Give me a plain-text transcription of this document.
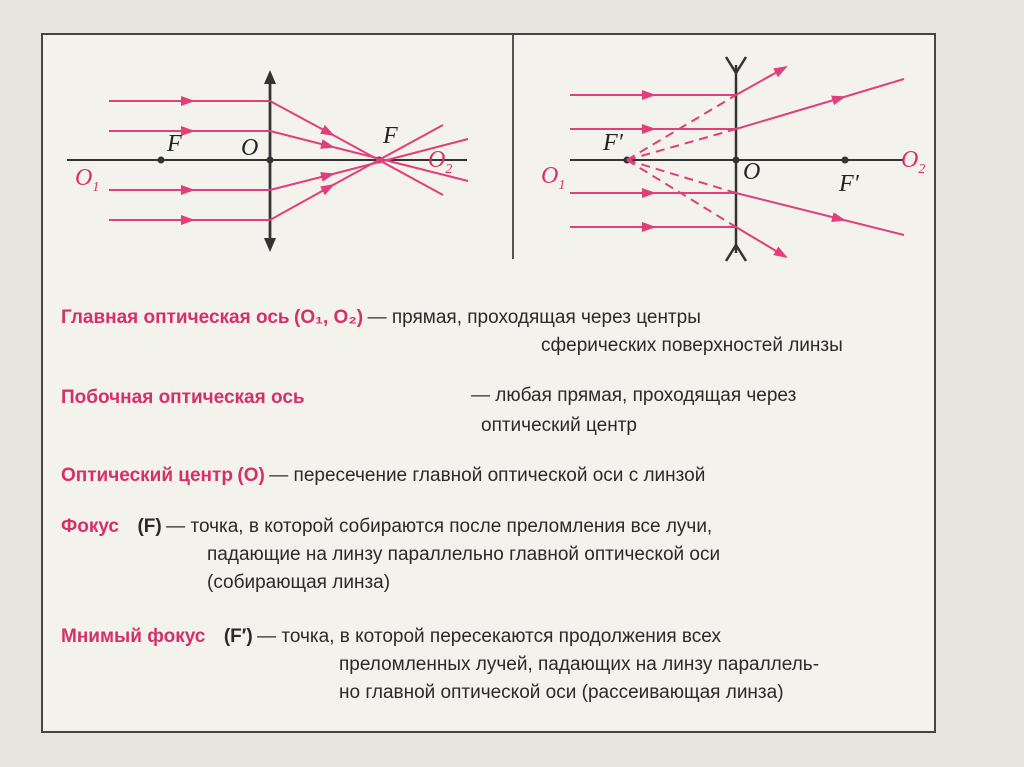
$O_1$
F O	F
$O_2$
F′
$O_1$
O	F′
$O_2$
Главная оптическая ось (O₁, O₂) — прямая, проходящая через центры
сферических поверхностей линзы
Побочная оптическая ось	— любая прямая, проходящая через
оптический центр
Оптический центр (O) — пересечение главной оптической оси с линзой
Фокус (F) — точка, в которой собираются после преломления все лучи,
падающие на линзу параллельно главной оптической оси
(собирающая линза)
Мнимый фокус (F′) — точка, в которой пересекаются продолжения всех
преломленных лучей, падающих на линзу параллель-
но главной оптической оси (рассеивающая линза)
